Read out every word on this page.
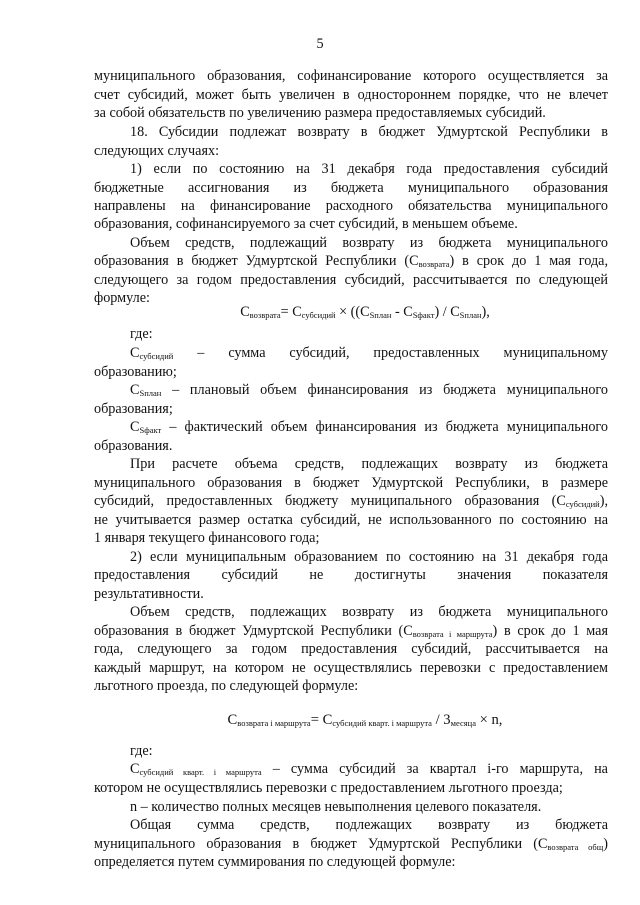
5
муниципального образования, софинансирование которого осуществляется за
счет субсидий, может быть увеличен в одностороннем порядке, что не влечет
за собой обязательств по увеличению размера предоставляемых субсидий.
18. Субсидии подлежат возврату в бюджет Удмуртской Республики в
следующих случаях:
1) если по состоянию на 31 декабря года предоставления субсидий
бюджетные ассигнования из бюджета муниципального образования
направлены на финансирование расходного обязательства муниципального
образования, софинансируемого за счет субсидий, в меньшем объеме.
Объем средств, подлежащий возврату из бюджета муниципального
образования в бюджет Удмуртской Республики $(С_{возврата})$ в срок до 1 мая года,
следующего за годом предоставления субсидий, рассчитывается по следующей
формуле:
$С_{возврата}= С_{субсидий} \times ((С_{Sплан} - С_{Sфакт}) / С_{Sплан})$,
где:
$С_{субсидий}$ – сумма субсидий, предоставленных муниципальному
образованию;
$С_{Sплан}$ – плановый объем финансирования из бюджета муниципального
образования;
$С_{Sфакт}$ – фактический объем финансирования из бюджета муниципального
образования.
При расчете объема средств, подлежащих возврату из бюджета
муниципального образования в бюджет Удмуртской Республики, в размере
субсидий, предоставленных бюджету муниципального образования $(С_{субсидий})$,
не учитывается размер остатка субсидий, не использованного по состоянию на
1 января текущего финансового года;
2) если муниципальным образованием по состоянию на 31 декабря года
предоставления субсидий не достигнуты значения показателя
результативности.
Объем средств, подлежащих возврату из бюджета муниципального
образования в бюджет Удмуртской Республики $(С_{возврата i маршрута})$ в срок до 1 мая
года, следующего за годом предоставления субсидий, рассчитывается на
каждый маршрут, на котором не осуществлялись перевозки с предоставлением
льготного проезда, по следующей формуле:
$С_{возврата i маршрута}= С_{субсидий кварт. i маршрута} / 3_{месяца} \times n$,
где:
$С_{субсидий кварт. i маршрута}$ – сумма субсидий за квартал i-го маршрута, на
котором не осуществлялись перевозки с предоставлением льготного проезда;
n – количество полных месяцев невыполнения целевого показателя.
Общая сумма средств, подлежащих возврату из бюджета
муниципального образования в бюджет Удмуртской Республики $(С_{возврата общ})$
определяется путем суммирования по следующей формуле:
